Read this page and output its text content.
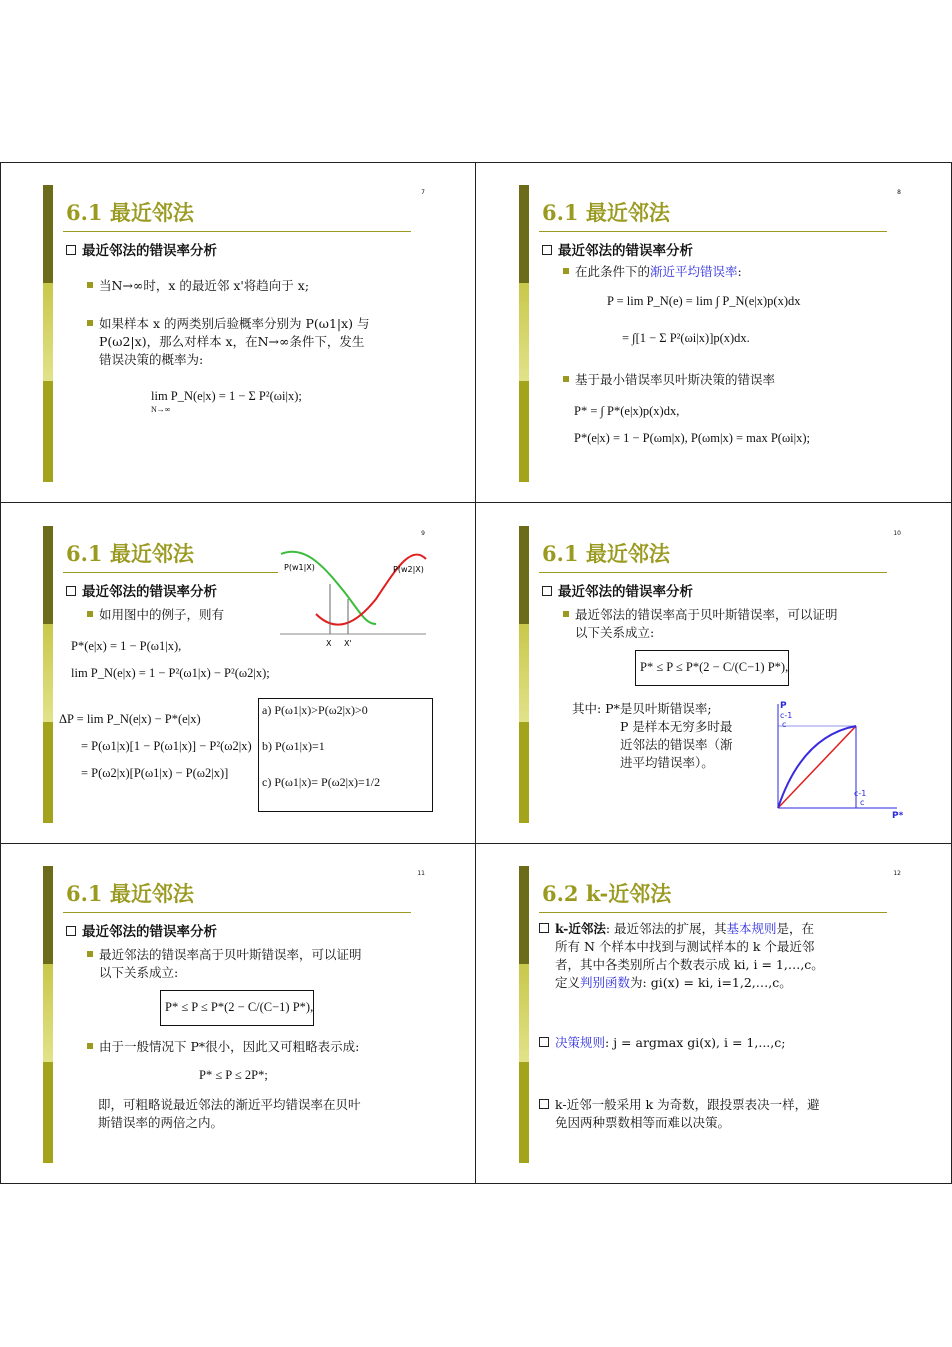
7
6.1 最近邻法
最近邻法的错误率分析
当N→∞时，x 的最近邻 x'将趋向于 x;
如果样本 x 的两类别后验概率分别为 P(ω1|x) 与
P(ω2|x)，那么对样本 x，在N→∞条件下，发生
错误决策的概率为:
lim P_N(e|x) = 1 − Σ P²(ωi|x);
N→∞
8
6.1 最近邻法
最近邻法的错误率分析
在此条件下的渐近平均错误率:
P = lim P_N(e) = lim ∫ P_N(e|x)p(x)dx
= ∫[1 − Σ P²(ωi|x)]p(x)dx.
基于最小错误率贝叶斯决策的错误率
P* = ∫ P*(e|x)p(x)dx,
P*(e|x) = 1 − P(ωm|x), P(ωm|x) = max P(ωi|x);
9
6.1 最近邻法
P(w1|X)	P(w2|X)
X X'
最近邻法的错误率分析
如用图中的例子，则有
P*(e|x) = 1 − P(ω1|x),
lim P_N(e|x) = 1 − P²(ω1|x) − P²(ω2|x);
ΔP = lim P_N(e|x) − P*(e|x)
= P(ω1|x)[1 − P(ω1|x)] − P²(ω2|x)
= P(ω2|x)[P(ω1|x) − P(ω2|x)]
a) P(ω1|x)>P(ω2|x)>0
b) P(ω1|x)=1
c) P(ω1|x)= P(ω2|x)=1/2
10
6.1 最近邻法
最近邻法的错误率分析
最近邻法的错误率高于贝叶斯错误率，可以证明
以下关系成立:
P* ≤ P ≤ P*(2 − C/(C−1) P*),
其中: P*是贝叶斯错误率;
P 是样本无穷多时最
近邻法的错误率（渐
进平均错误率）。
P
c-1
c
c-1
c
P*
11
6.1 最近邻法
最近邻法的错误率分析
最近邻法的错误率高于贝叶斯错误率，可以证明
以下关系成立:
P* ≤ P ≤ P*(2 − C/(C−1) P*),
由于一般情况下 P*很小，因此又可粗略表示成:
P* ≤ P ≤ 2P*;
即，可粗略说最近邻法的渐近平均错误率在贝叶
斯错误率的两倍之内。
12
6.2 k-近邻法
k-近邻法: 最近邻法的扩展，其基本规则是，在
所有 N 个样本中找到与测试样本的 k 个最近邻
者，其中各类别所占个数表示成 ki, i = 1,…,c。
定义判别函数为: gi(x) = ki, i=1,2,…,c。
决策规则: j = argmax gi(x), i = 1,...,c;
k-近邻一般采用 k 为奇数，跟投票表决一样，避
免因两种票数相等而难以决策。
